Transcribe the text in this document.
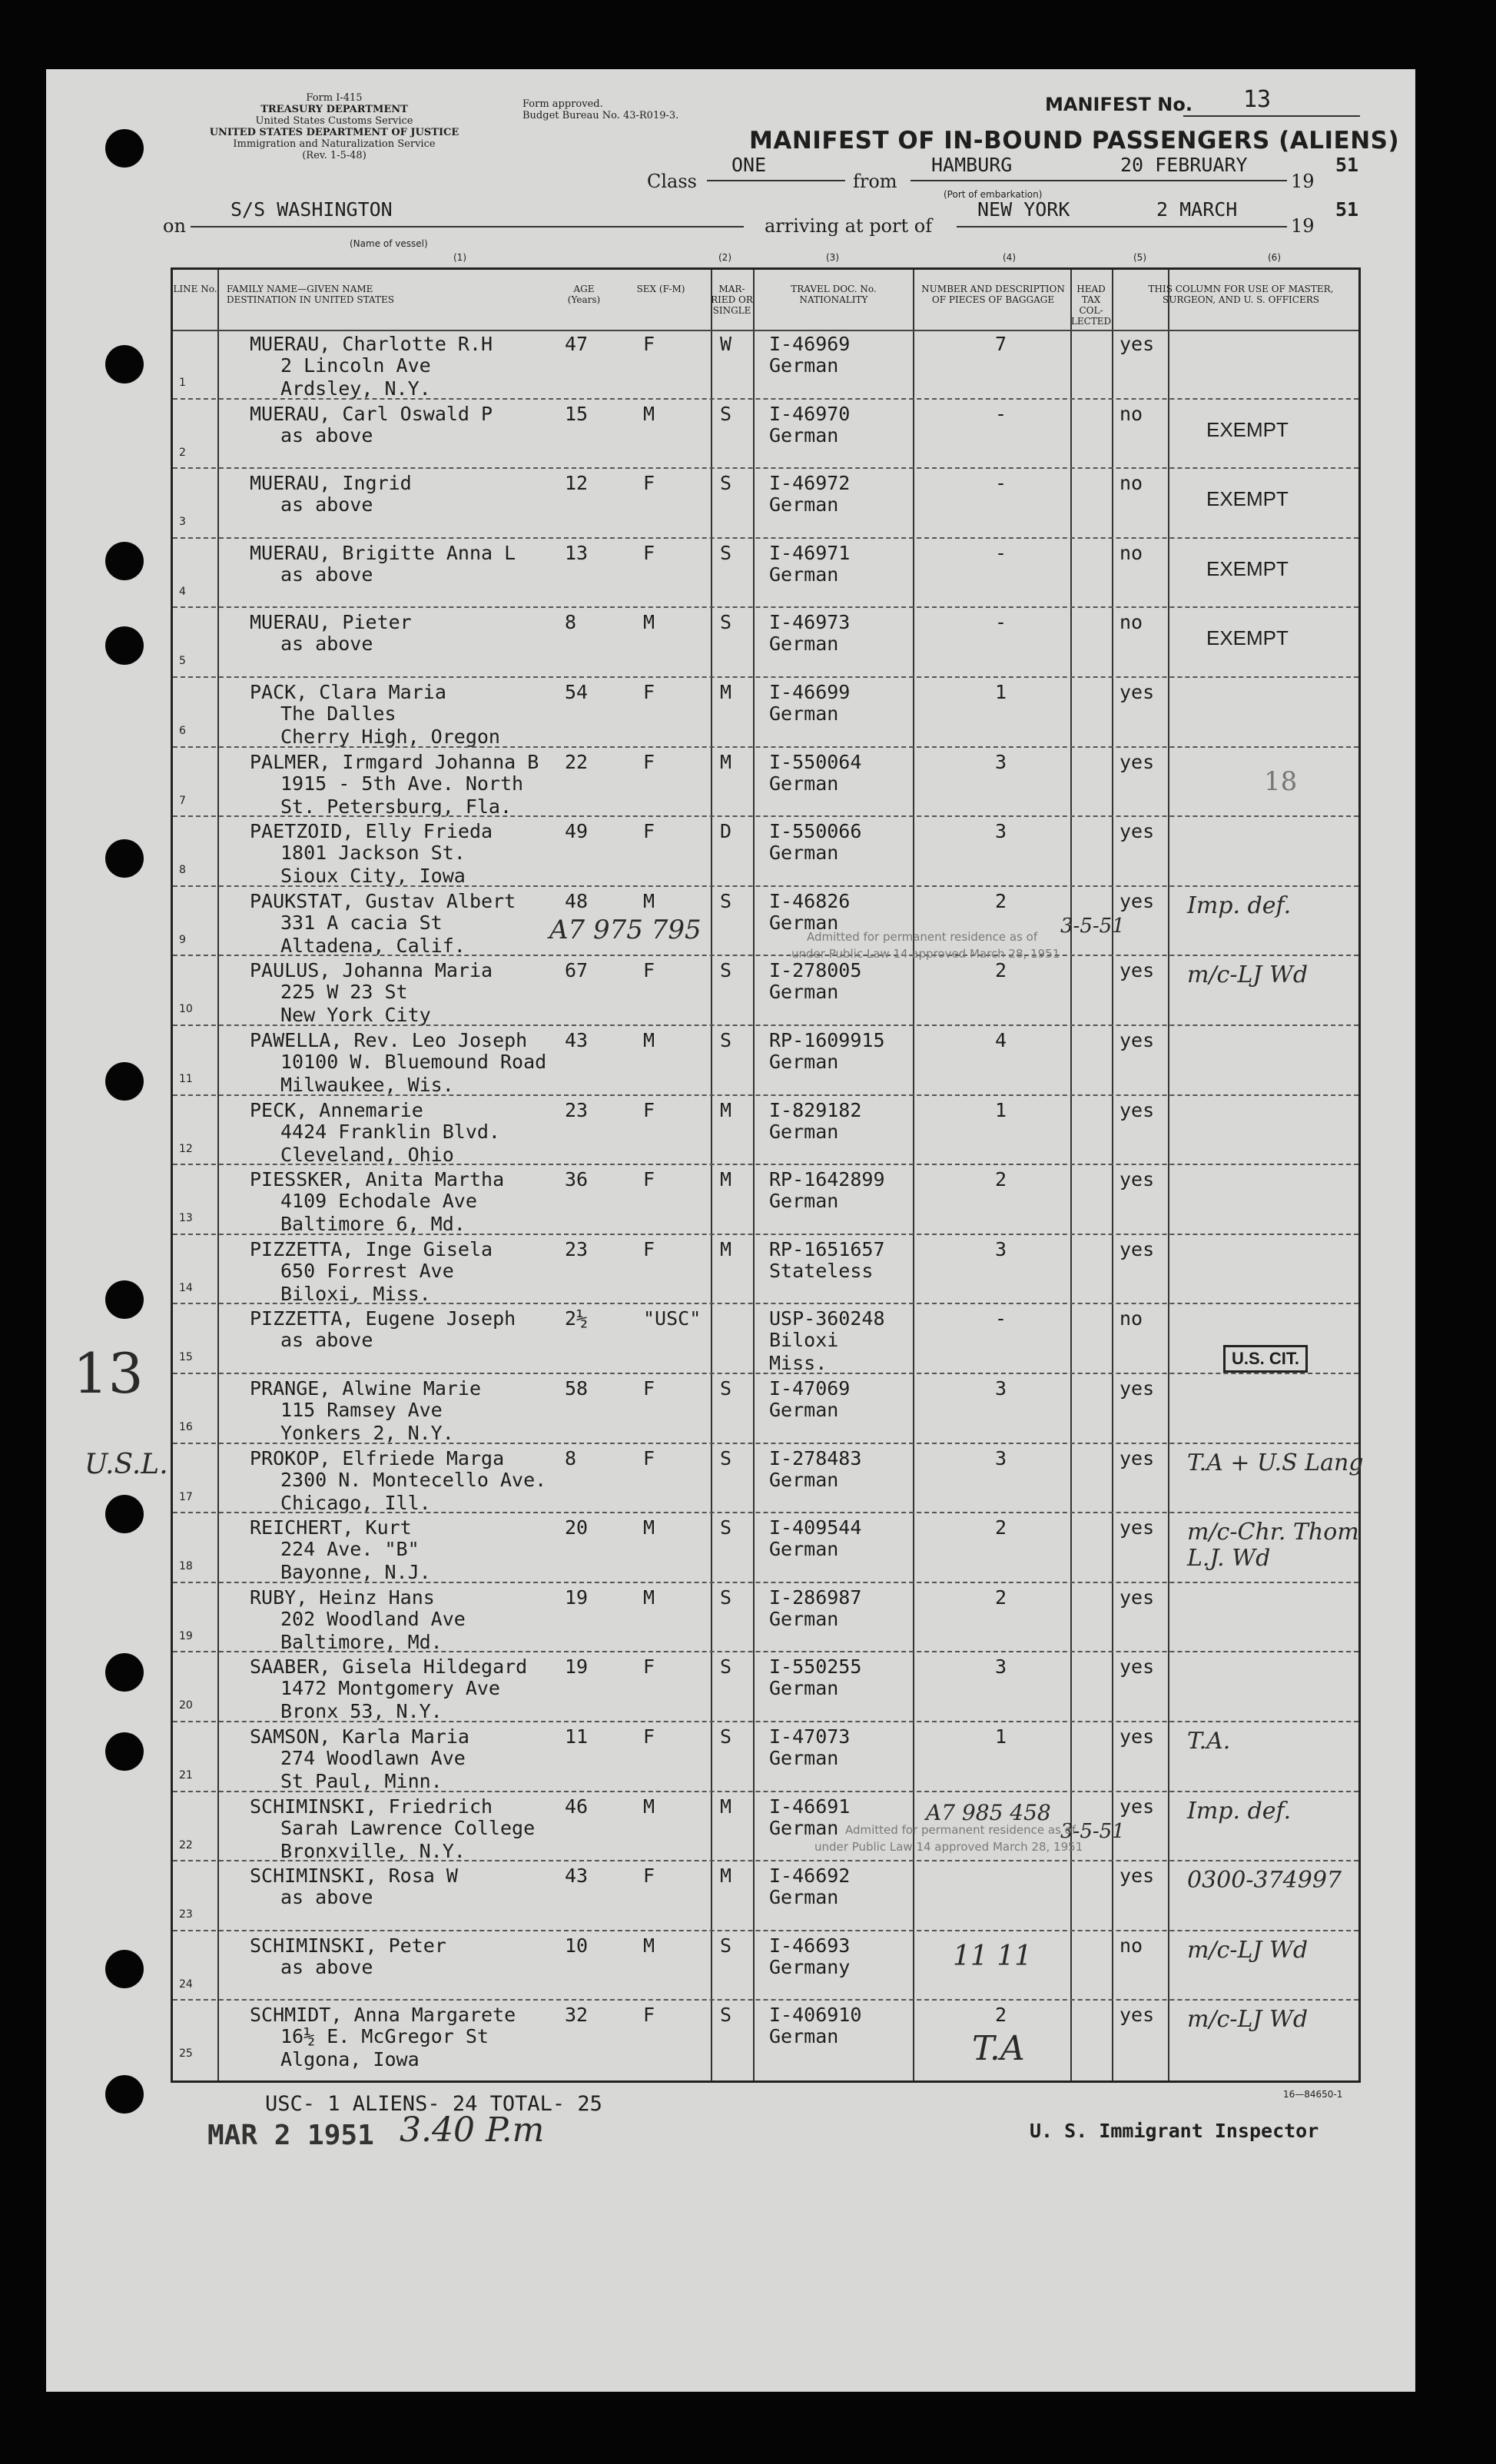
Form I-415
TREASURY DEPARTMENT
United States Customs Service
UNITED STATES DEPARTMENT OF JUSTICE
Immigration and Naturalization Service
(Rev. 1-5-48)
Form approved.
Budget Bureau No. 43-R019-3.
MANIFEST No. 13
MANIFEST OF IN-BOUND PASSENGERS (ALIENS)
Class
ONE
from
HAMBURG	20 FEBRUARY
19
51
(Port of embarkation)
on
S/S WASHINGTON
(Name of vessel)
arriving at port of
NEW YORK	2 MARCH
19
51
(1)	(2)	(3)	(4)	(5)	(6)
LINE No. FAMILY NAME—GIVEN NAME DESTINATION IN UNITED STATES
AGE (Years)
SEX (F-M)	MAR-RIED OR SINGLE
TRAVEL DOC. No. NATIONALITY
NUMBER AND DESCRIPTION OF PIECES OF BAGGAGE
HEAD TAX COL-LECTED
THIS COLUMN FOR USE OF MASTER, SURGEON, AND U. S. OFFICERS
1
MUERAU, Charlotte R.H
2 Lincoln Ave
Ardsley, N.Y.
47	F	W I-46969
German
7	yes
2
MUERAU, Carl Oswald P
as above
15	M	S I-46970
German
-	no
EXEMPT
3
MUERAU, Ingrid
as above
12	F	S I-46972
German
-	no
EXEMPT
4
MUERAU, Brigitte Anna L
as above
13	F	S I-46971
German
-	no
EXEMPT
5
MUERAU, Pieter
as above
8	M	S I-46973
German
-	no
EXEMPT
6
PACK, Clara Maria
The Dalles
Cherry High, Oregon
54	F	M I-46699
German
1	yes
7
PALMER, Irmgard Johanna B
1915 - 5th Ave. North
St. Petersburg, Fla.
22	F	M I-550064
German
3	yes
18
8
PAETZOID, Elly Frieda
1801 Jackson St.
Sioux City, Iowa
49	F	D I-550066
German
3	yes
9
PAUKSTAT, Gustav Albert
331 A cacia St
Altadena, Calif.
48	M	S I-46826
German
2	yes Imp. def.
10
PAULUS, Johanna Maria
225 W 23 St
New York City
67	F	S I-278005
German
2	yes m/c-LJ Wd
11
PAWELLA, Rev. Leo Joseph
10100 W. Bluemound Road
Milwaukee, Wis.
43	M	S RP-1609915
German
4	yes
12
PECK, Annemarie
4424 Franklin Blvd.
Cleveland, Ohio
23	F	M I-829182
German
1	yes
13
PIESSKER, Anita Martha
4109 Echodale Ave
Baltimore 6, Md.
36	F	M RP-1642899
German
2	yes
14
PIZZETTA, Inge Gisela
650 Forrest Ave
Biloxi, Miss.
23	F	M RP-1651657
Stateless
3	yes
15
PIZZETTA, Eugene Joseph
as above
2½	"USC"	USP-360248
Biloxi
Miss.
-	no
16
PRANGE, Alwine Marie
115 Ramsey Ave
Yonkers 2, N.Y.
58	F	S I-47069
German
3	yes
17
PROKOP, Elfriede Marga
2300 N. Montecello Ave.
Chicago, Ill.
8	F	S I-278483
German
3	yes T.A + U.S Lang
18
REICHERT, Kurt
224 Ave. "B"
Bayonne, N.J.
20	M	S I-409544
German
2	yes m/c-Chr. Thom
L.J. Wd
19
RUBY, Heinz Hans
202 Woodland Ave
Baltimore, Md.
19	M	S I-286987
German
2	yes
20
SAABER, Gisela Hildegard
1472 Montgomery Ave
Bronx 53, N.Y.
19	F	S I-550255
German
3	yes
21
SAMSON, Karla Maria
274 Woodlawn Ave
St Paul, Minn.
11	F	S I-47073
German
1	yes T.A.
22
SCHIMINSKI, Friedrich
Sarah Lawrence College
Bronxville, N.Y.
46	M	M I-46691
German
yes Imp. def.
23
SCHIMINSKI, Rosa W
as above
43	F	M I-46692
German
yes 0300-374997
24
SCHIMINSKI, Peter
as above
10	M	S I-46693
Germany
no m/c-LJ Wd
25
SCHMIDT, Anna Margarete
16½ E. McGregor St
Algona, Iowa
32	F	S I-406910
German
2	yes m/c-LJ Wd
U.S. CIT.
13
U.S.L.
A7 975 795
A7 985 458
3-5-51
3-5-51
Admitted for permanent residence as of
under Public Law 14 approved March 28, 1951
Admitted for permanent residence as of
under Public Law 14 approved March 28, 1951
11 11
T.A
USC- 1 ALIENS- 24 TOTAL- 25
MAR 2 1951 3.40 P.m	U. S. Immigrant Inspector
16—84650-1
